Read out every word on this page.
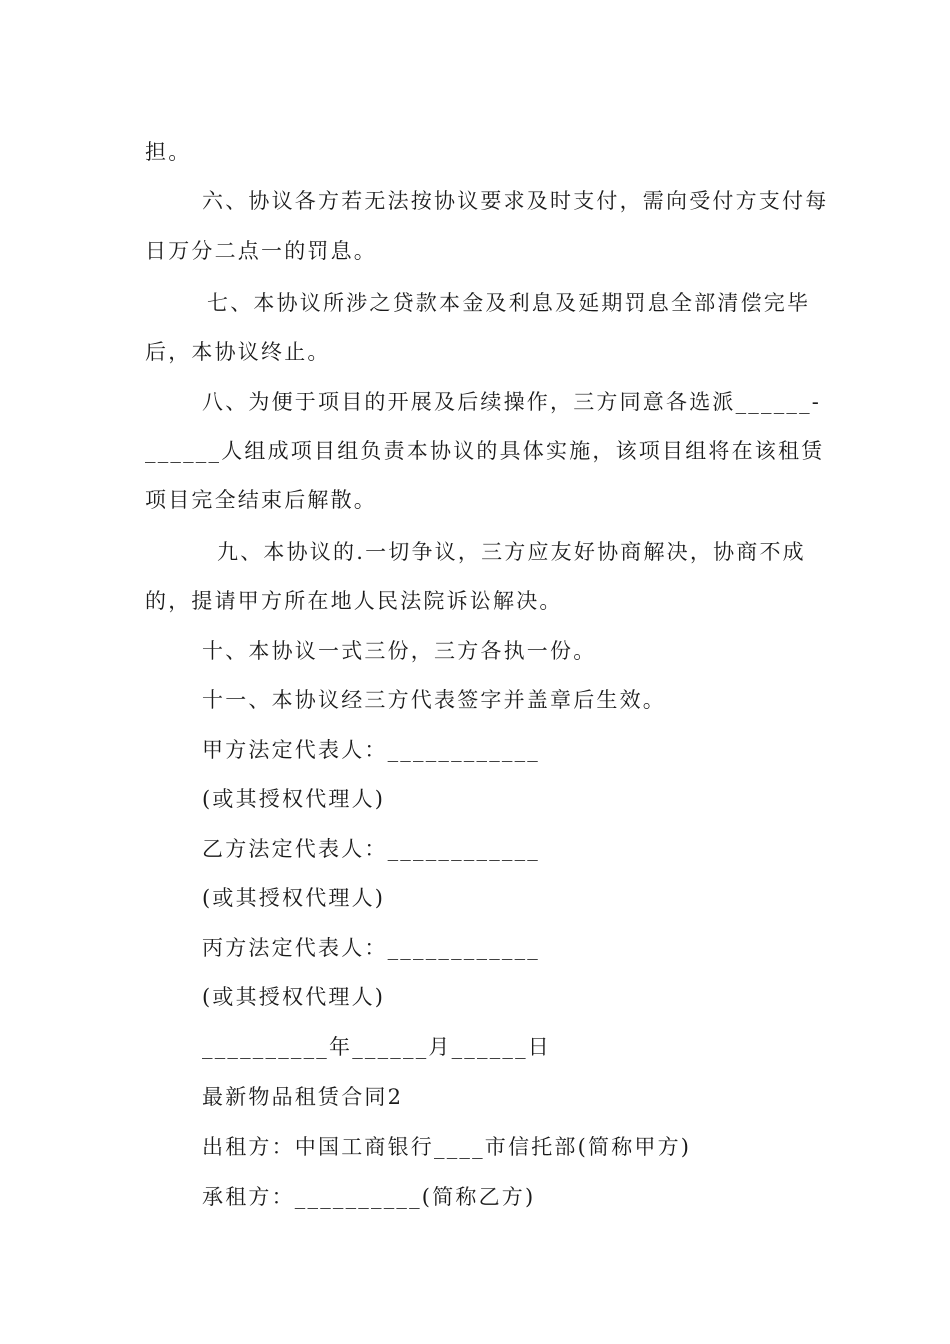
担。
六、协议各方若无法按协议要求及时支付，需向受付方支付每
日万分二点一的罚息。
七、本协议所涉之贷款本金及利息及延期罚息全部清偿完毕
后，本协议终止。
八、为便于项目的开展及后续操作，三方同意各选派______-
______人组成项目组负责本协议的具体实施，该项目组将在该租赁
项目完全结束后解散。
九、本协议的.一切争议，三方应友好协商解决，协商不成
的，提请甲方所在地人民法院诉讼解决。
十、本协议一式三份，三方各执一份。
十一、本协议经三方代表签字并盖章后生效。
甲方法定代表人：____________
(或其授权代理人)
乙方法定代表人：____________
(或其授权代理人)
丙方法定代表人：____________
(或其授权代理人)
__________年______月______日
最新物品租赁合同2
出租方：中国工商银行____市信托部(简称甲方)
承租方：__________(简称乙方)
